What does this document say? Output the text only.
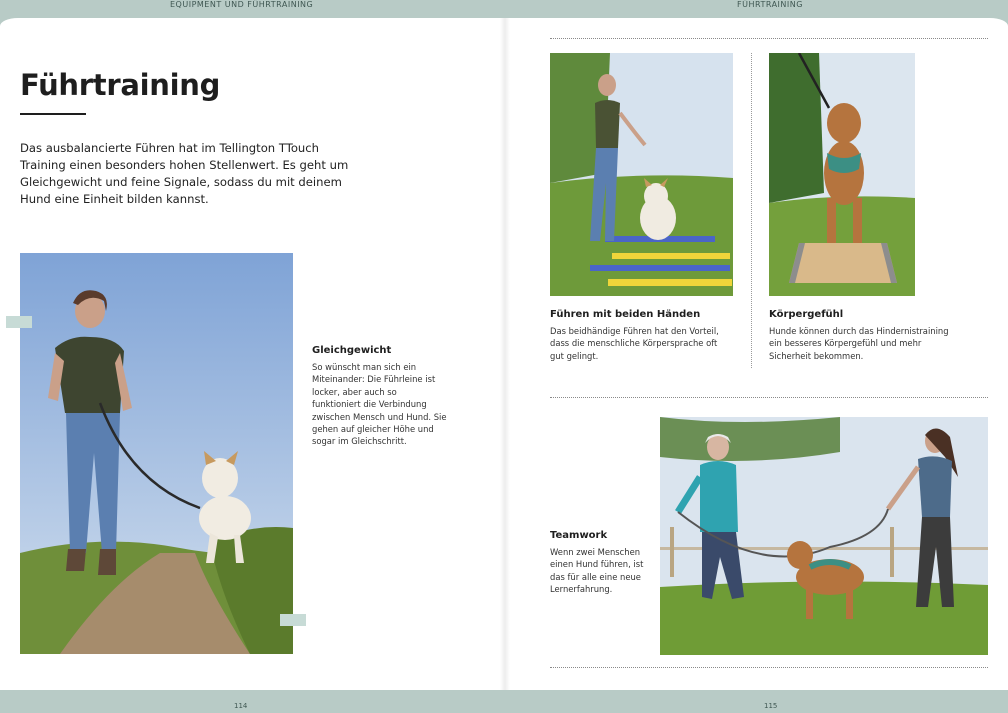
EQUIPMENT UND FÜHRTRAINING	FÜHRTRAINING
Führtraining

Das ausbalancierte Führen hat im Tellington TTouch Training einen besonders hohen Stellenwert. Es geht um Gleichgewicht und feine Signale, sodass du mit deinem Hund eine Einheit bilden kannst.

Gleichgewicht

So wünscht man sich ein Miteinander: Die Führleine ist locker, aber auch so funktioniert die Verbindung zwischen Mensch und Hund. Sie gehen auf gleicher Höhe und sogar im Gleichschritt.

114
Führen mit beiden Händen

Das beidhändige Führen hat den Vorteil, dass die menschliche Körpersprache oft gut gelingt.

Körpergefühl

Hunde können durch das Hindernistraining ein besseres Körpergefühl und mehr Sicherheit bekommen.

Teamwork

Wenn zwei Menschen einen Hund führen, ist das für alle eine neue Lernerfahrung.

115
